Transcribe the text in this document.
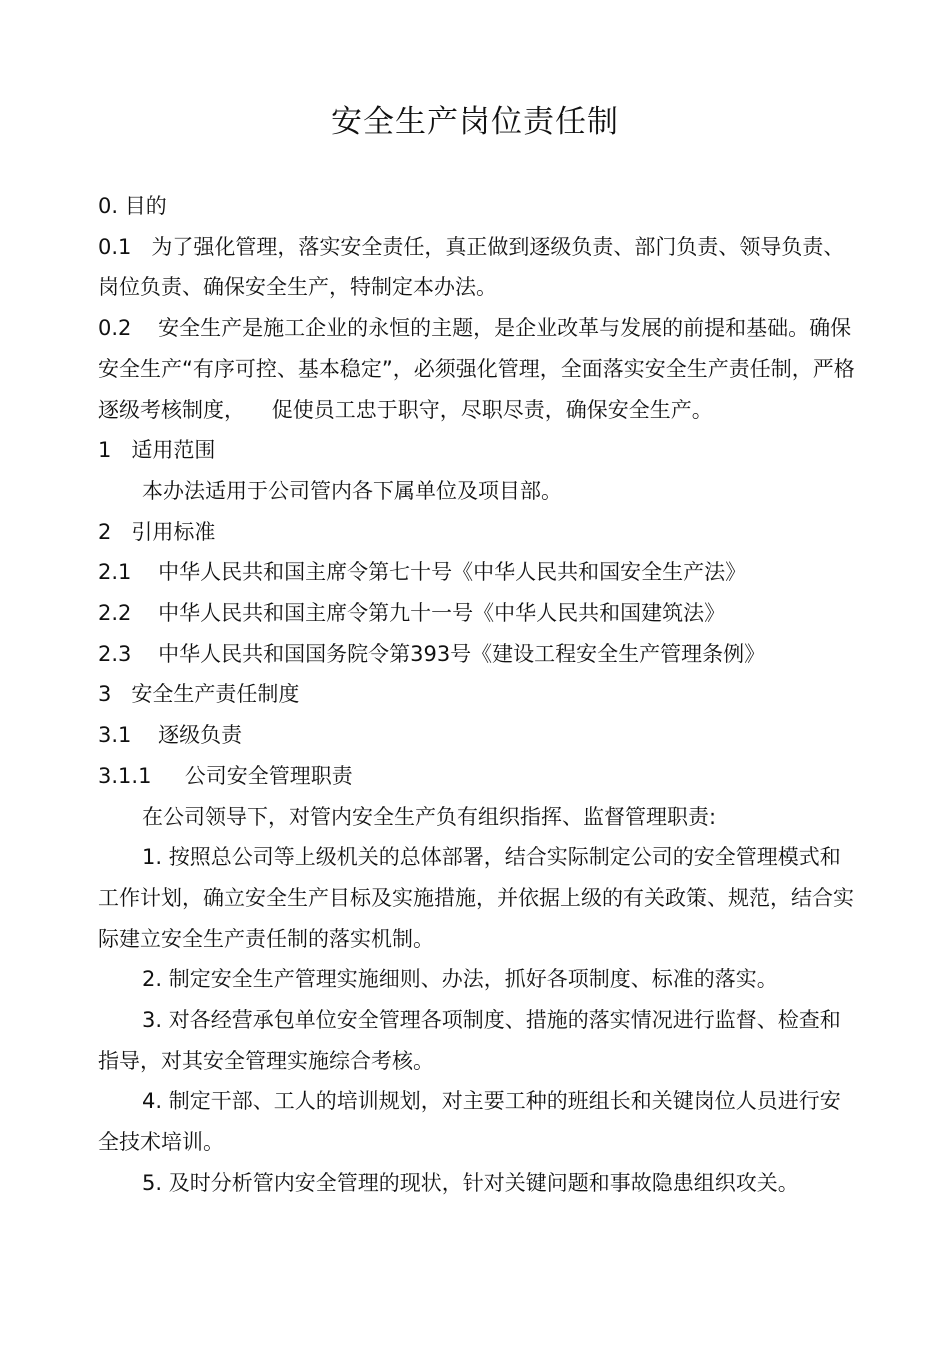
安全生产岗位责任制

0. 目的

0.1   为了强化管理，落实安全责任，真正做到逐级负责、部门负责、领导负责、岗位负责、确保安全生产，特制定本办法。

0.2    安全生产是施工企业的永恒的主题，是企业改革与发展的前提和基础。确保安全生产“有序可控、基本稳定”，必须强化管理，全面落实安全生产责任制，严格逐级考核制度，    促使员工忠于职守，尽职尽责，确保安全生产。

1   适用范围

本办法适用于公司管内各下属单位及项目部。

2   引用标准

2.1    中华人民共和国主席令第七十号《中华人民共和国安全生产法》

2.2    中华人民共和国主席令第九十一号《中华人民共和国建筑法》

2.3    中华人民共和国国务院令第393号《建设工程安全生产管理条例》

3   安全生产责任制度

3.1    逐级负责

3.1.1     公司安全管理职责

在公司领导下，对管内安全生产负有组织指挥、监督管理职责:

1. 按照总公司等上级机关的总体部署，结合实际制定公司的安全管理模式和工作计划，确立安全生产目标及实施措施，并依据上级的有关政策、规范，结合实际建立安全生产责任制的落实机制。

2. 制定安全生产管理实施细则、办法，抓好各项制度、标准的落实。

3. 对各经营承包单位安全管理各项制度、措施的落实情况进行监督、检查和指导，对其安全管理实施综合考核。

4. 制定干部、工人的培训规划，对主要工种的班组长和关键岗位人员进行安全技术培训。

5. 及时分析管内安全管理的现状，针对关键问题和事故隐患组织攻关。
